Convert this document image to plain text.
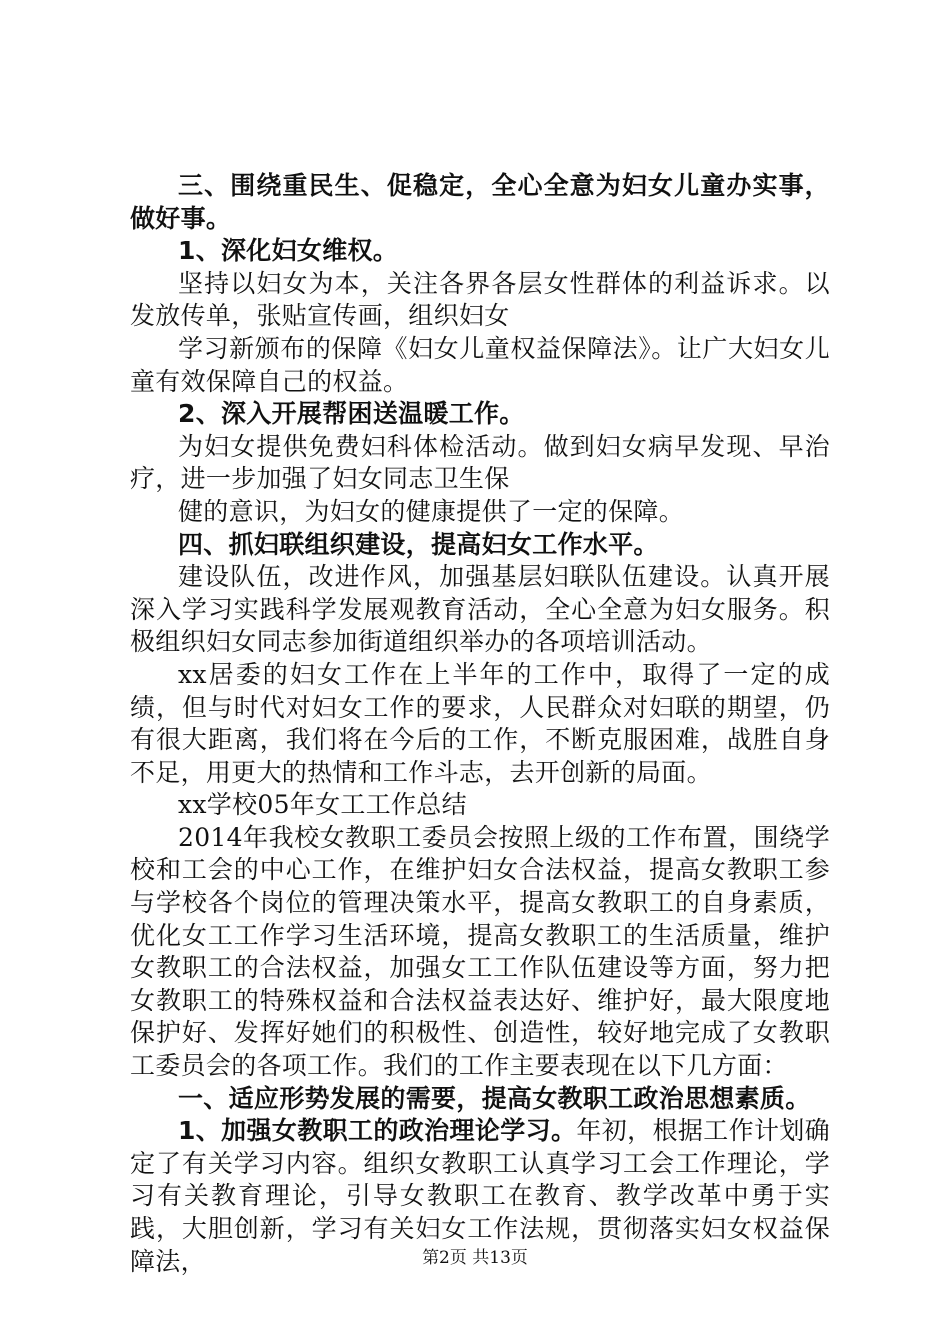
三、围绕重民生、促稳定，全心全意为妇女儿童办实事，做好事。

1、深化妇女维权。

坚持以妇女为本，关注各界各层女性群体的利益诉求。以发放传单，张贴宣传画，组织妇女

学习新颁布的保障《妇女儿童权益保障法》。让广大妇女儿童有效保障自己的权益。

2、深入开展帮困送温暖工作。

为妇女提供免费妇科体检活动。做到妇女病早发现、早治疗，进一步加强了妇女同志卫生保

健的意识，为妇女的健康提供了一定的保障。

四、抓妇联组织建设，提高妇女工作水平。

建设队伍，改进作风，加强基层妇联队伍建设。认真开展深入学习实践科学发展观教育活动，全心全意为妇女服务。积极组织妇女同志参加街道组织举办的各项培训活动。

xx居委的妇女工作在上半年的工作中，取得了一定的成绩，但与时代对妇女工作的要求，人民群众对妇联的期望，仍有很大距离，我们将在今后的工作，不断克服困难，战胜自身不足，用更大的热情和工作斗志，去开创新的局面。

xx学校05年女工工作总结

2014年我校女教职工委员会按照上级的工作布置，围绕学校和工会的中心工作，在维护妇女合法权益，提高女教职工参与学校各个岗位的管理决策水平，提高女教职工的自身素质，优化女工工作学习生活环境，提高女教职工的生活质量，维护女教职工的合法权益，加强女工工作队伍建设等方面，努力把女教职工的特殊权益和合法权益表达好、维护好，最大限度地保护好、发挥好她们的积极性、创造性，较好地完成了女教职工委员会的各项工作。我们的工作主要表现在以下几方面：

一、适应形势发展的需要，提高女教职工政治思想素质。

1、加强女教职工的政治理论学习。年初，根据工作计划确定了有关学习内容。组织女教职工认真学习工会工作理论，学习有关教育理论，引导女教职工在教育、教学改革中勇于实践，大胆创新，学习有关妇女工作法规，贯彻落实妇女权益保障法，	第2页 共13页
